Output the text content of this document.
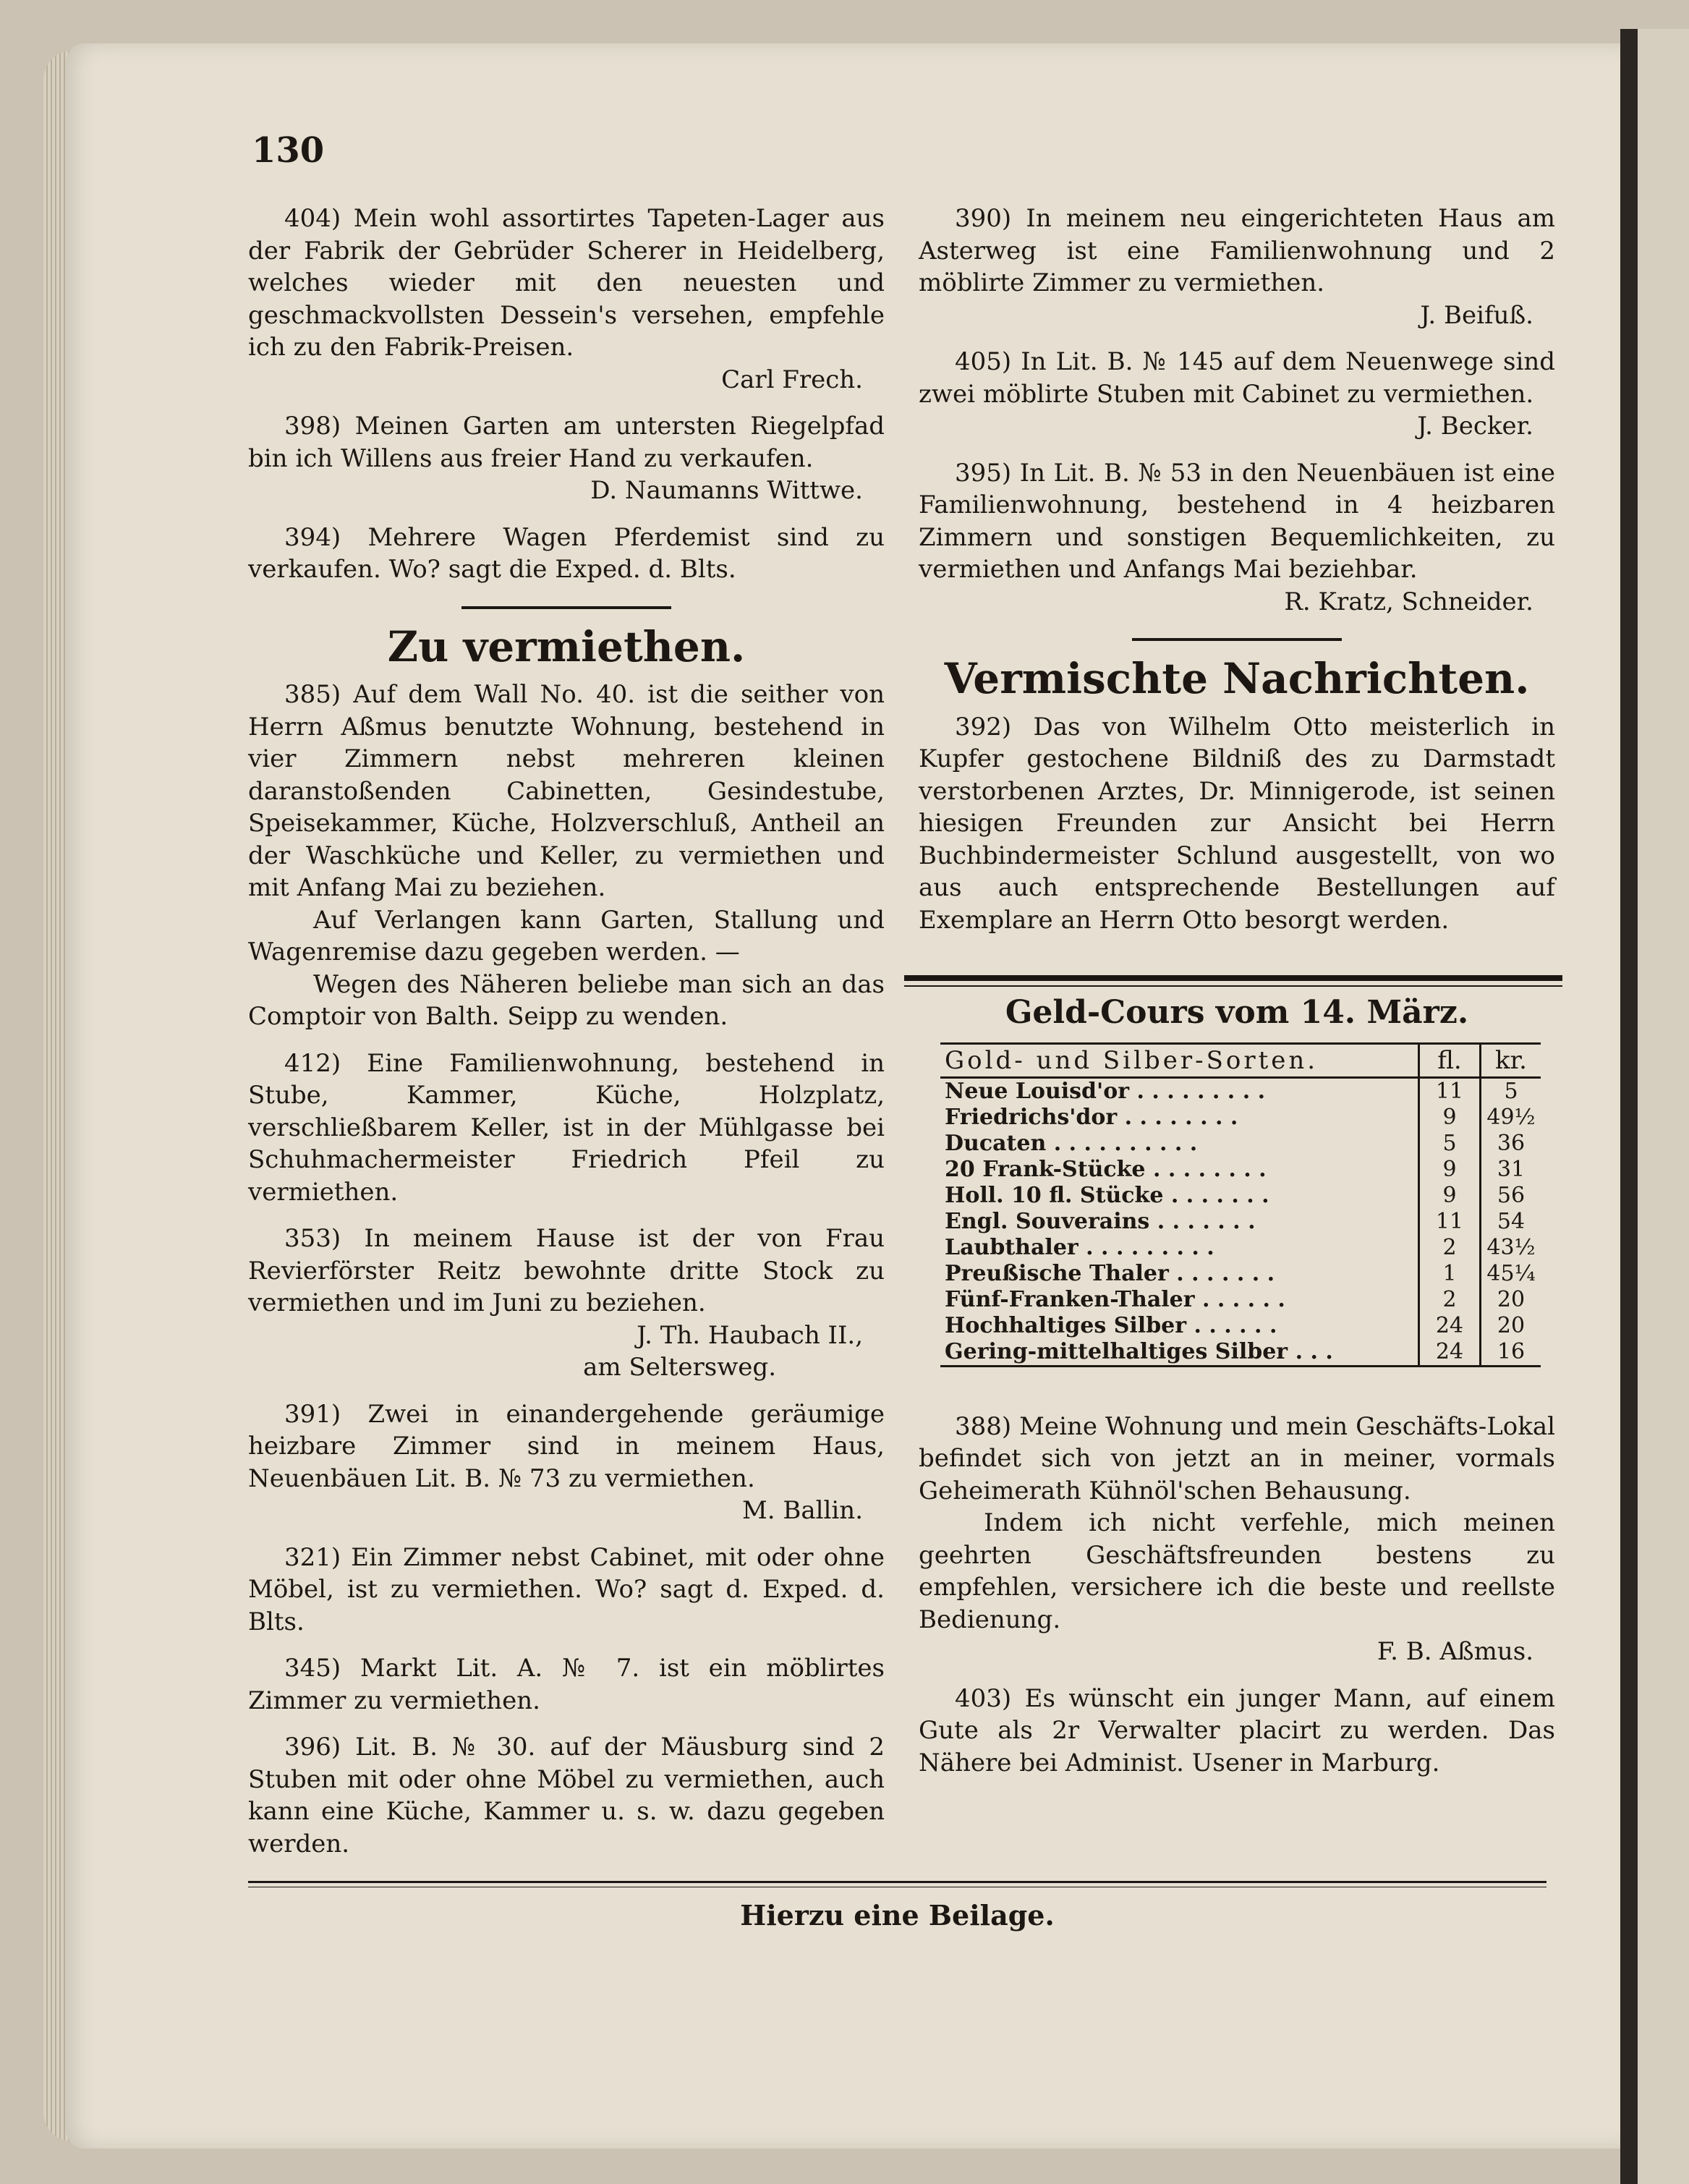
130
404) Mein wohl assortirtes Tapeten-Lager aus der Fabrik der Gebrüder Scherer in Heidelberg, welches wieder mit den neuesten und geschmackvollsten Dessein's versehen, empfehle ich zu den Fabrik-Preisen.
Carl Frech.
398) Meinen Garten am untersten Riegelpfad bin ich Willens aus freier Hand zu verkaufen.
D. Naumanns Wittwe.
394) Mehrere Wagen Pferdemist sind zu verkaufen. Wo? sagt die Exped. d. Blts.
Zu vermiethen.
385) Auf dem Wall No. 40. ist die seither von Herrn Aßmus benutzte Wohnung, bestehend in vier Zimmern nebst mehreren kleinen daranstoßenden Cabinetten, Gesindestube, Speisekammer, Küche, Holzverschluß, Antheil an der Waschküche und Keller, zu vermiethen und mit Anfang Mai zu beziehen.
Auf Verlangen kann Garten, Stallung und Wagenremise dazu gegeben werden. —
Wegen des Näheren beliebe man sich an das Comptoir von Balth. Seipp zu wenden.
412) Eine Familienwohnung, bestehend in Stube, Kammer, Küche, Holzplatz, verschließbarem Keller, ist in der Mühlgasse bei Schuhmachermeister Friedrich Pfeil zu vermiethen.
353) In meinem Hause ist der von Frau Revierförster Reitz bewohnte dritte Stock zu vermiethen und im Juni zu beziehen.
J. Th. Haubach II.,
am Seltersweg.
391) Zwei in einandergehende geräumige heizbare Zimmer sind in meinem Haus, Neuenbäuen Lit. B. № 73 zu vermiethen.
M. Ballin.
321) Ein Zimmer nebst Cabinet, mit oder ohne Möbel, ist zu vermiethen. Wo? sagt d. Exped. d. Blts.
345) Markt Lit. A. № 7. ist ein möblirtes Zimmer zu vermiethen.
396) Lit. B. № 30. auf der Mäusburg sind 2 Stuben mit oder ohne Möbel zu vermiethen, auch kann eine Küche, Kammer u. s. w. dazu gegeben werden.
390) In meinem neu eingerichteten Haus am Asterweg ist eine Familienwohnung und 2 möblirte Zimmer zu vermiethen.
J. Beifuß.
405) In Lit. B. № 145 auf dem Neuenwege sind zwei möblirte Stuben mit Cabinet zu vermiethen.
J. Becker.
395) In Lit. B. № 53 in den Neuenbäuen ist eine Familienwohnung, bestehend in 4 heizbaren Zimmern und sonstigen Bequemlichkeiten, zu vermiethen und Anfangs Mai beziehbar.
R. Kratz, Schneider.
Vermischte Nachrichten.
392) Das von Wilhelm Otto meisterlich in Kupfer gestochene Bildniß des zu Darmstadt verstorbenen Arztes, Dr. Minnigerode, ist seinen hiesigen Freunden zur Ansicht bei Herrn Buchbindermeister Schlund ausgestellt, von wo aus auch entsprechende Bestellungen auf Exemplare an Herrn Otto besorgt werden.
Geld-Cours vom 14. März.
Gold- und Silber-Sorten.	fl.	kr.
Neue Louisd'or . . . . . . . . .	11	5
Friedrichs'dor . . . . . . . .	9	49½
Ducaten . . . . . . . . . .	5	36
20 Frank-Stücke . . . . . . . .	9	31
Holl. 10 fl. Stücke . . . . . . .	9	56
Engl. Souverains . . . . . . .	11	54
Laubthaler . . . . . . . . .	2	43½
Preußische Thaler . . . . . . .	1	45¼
Fünf-Franken-Thaler . . . . . .	2	20
Hochhaltiges Silber . . . . . .	24	20
Gering-mittelhaltiges Silber . . .	24	16
388) Meine Wohnung und mein Geschäfts-Lokal befindet sich von jetzt an in meiner, vormals Geheimerath Kühnöl'schen Behausung.
Indem ich nicht verfehle, mich meinen geehrten Geschäftsfreunden bestens zu empfehlen, versichere ich die beste und reellste Bedienung.
F. B. Aßmus.
403) Es wünscht ein junger Mann, auf einem Gute als 2r Verwalter placirt zu werden. Das Nähere bei Administ. Usener in Marburg.
Hierzu eine Beilage.
